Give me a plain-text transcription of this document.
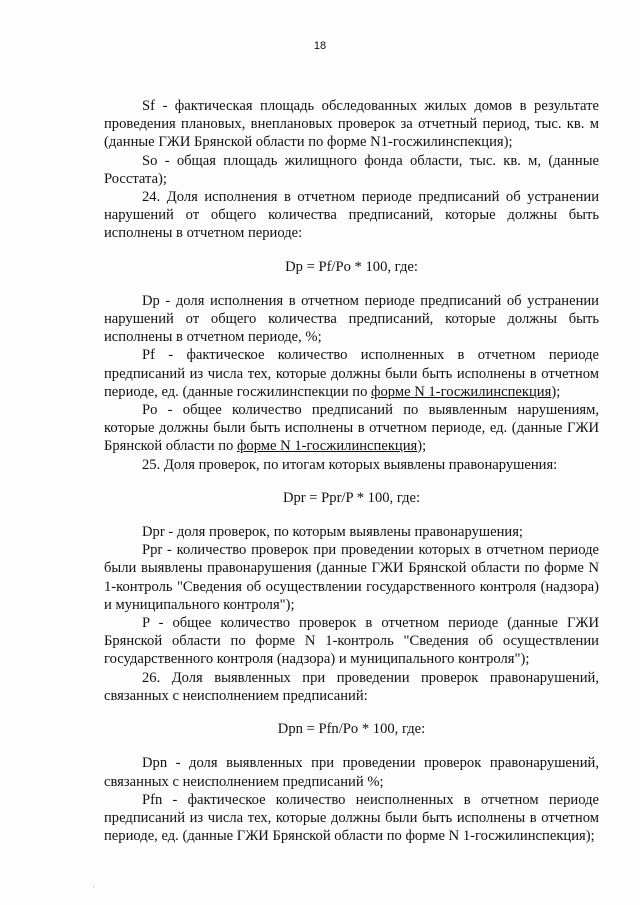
18

Sf - фактическая площадь обследованных жилых домов в результате проведения плановых, внеплановых проверок за отчетный период, тыс. кв. м (данные ГЖИ Брянской области по форме N1-госжилинспекция);

So - общая площадь жилищного фонда области, тыс. кв. м, (данные Росстата);

24. Доля исполнения в отчетном периоде предписаний об устранении нарушений от общего количества предписаний, которые должны быть исполнены в отчетном периоде:

Dp = Pf/Po * 100, где:

Dp - доля исполнения в отчетном периоде предписаний об устранении нарушений от общего количества предписаний, которые должны быть исполнены в отчетном периоде, %;

Pf - фактическое количество исполненных в отчетном периоде предписаний из числа тех, которые должны были быть исполнены в отчетном периоде, ед. (данные госжилинспекции по форме N 1-госжилинспекция);

Po - общее количество предписаний по выявленным нарушениям, которые должны были быть исполнены в отчетном периоде, ед. (данные ГЖИ Брянской области по форме N 1-госжилинспекция);

25. Доля проверок, по итогам которых выявлены правонарушения:

Dpr = Ppr/P * 100, где:

Dpr - доля проверок, по которым выявлены правонарушения;

Ppr - количество проверок при проведении которых в отчетном периоде были выявлены правонарушения (данные ГЖИ Брянской области по форме N 1-контроль "Сведения об осуществлении государственного контроля (надзора) и муниципального контроля");

P - общее количество проверок в отчетном периоде (данные ГЖИ Брянской области по форме N 1-контроль "Сведения об осуществлении государственного контроля (надзора) и муниципального контроля");

26. Доля выявленных при проведении проверок правонарушений, связанных с неисполнением предписаний:

Dpn = Pfn/Po * 100, где:

Dpn - доля выявленных при проведении проверок правонарушений, связанных с неисполнением предписаний %;

Pfn - фактическое количество неисполненных в отчетном периоде предписаний из числа тех, которые должны были быть исполнены в отчетном периоде, ед. (данные ГЖИ Брянской области по форме N 1-госжилинспекция);

·
